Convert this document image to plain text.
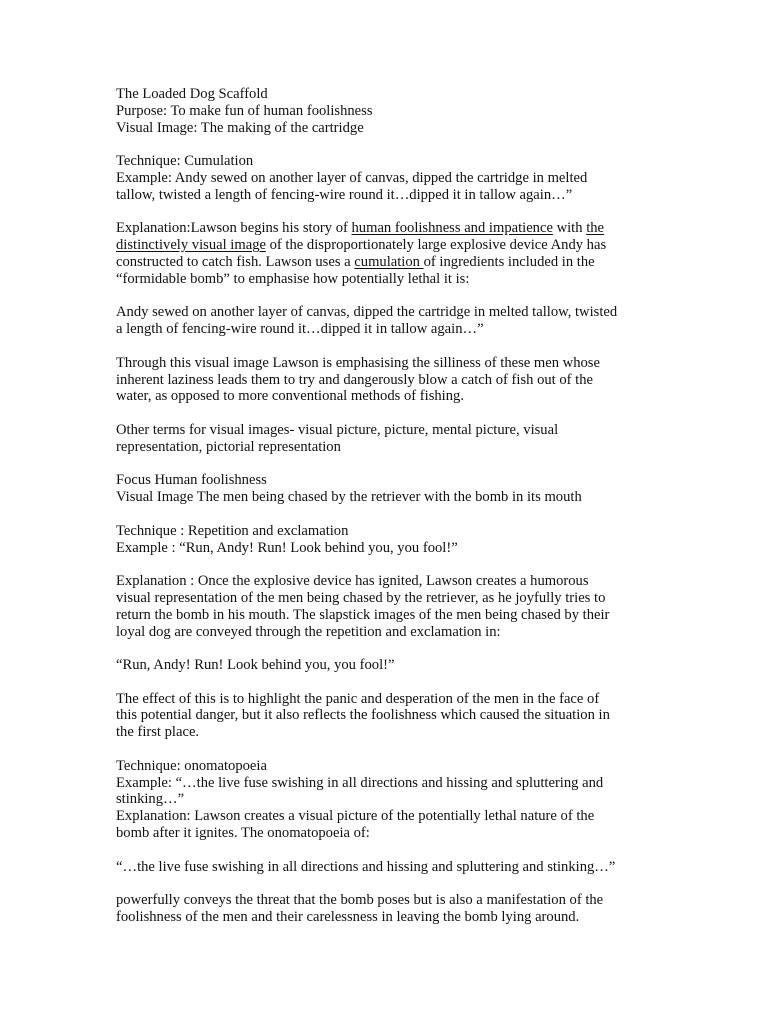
The Loaded Dog Scaffold
Purpose: To make fun of human foolishness
Visual Image: The making of the cartridge
Technique: Cumulation
Example: Andy sewed on another layer of canvas, dipped the cartridge in melted
tallow, twisted a length of fencing-wire round it…dipped it in tallow again…”
Explanation:Lawson begins his story of human foolishness and impatience with the
distinctively visual image of the disproportionately large explosive device Andy has
constructed to catch fish. Lawson uses a cumulation of ingredients included in the
“formidable bomb” to emphasise how potentially lethal it is:
Andy sewed on another layer of canvas, dipped the cartridge in melted tallow, twisted
a length of fencing-wire round it…dipped it in tallow again…”
Through this visual image Lawson is emphasising the silliness of these men whose
inherent laziness leads them to try and dangerously blow a catch of fish out of the
water, as opposed to more conventional methods of fishing.
Other terms for visual images- visual picture, picture, mental picture, visual
representation, pictorial representation
Focus Human foolishness
Visual Image The men being chased by the retriever with the bomb in its mouth
Technique : Repetition and exclamation
Example : “Run, Andy! Run! Look behind you, you fool!”
Explanation : Once the explosive device has ignited, Lawson creates a humorous
visual representation of the men being chased by the retriever, as he joyfully tries to
return the bomb in his mouth. The slapstick images of the men being chased by their
loyal dog are conveyed through the repetition and exclamation in:
“Run, Andy! Run! Look behind you, you fool!”
The effect of this is to highlight the panic and desperation of the men in the face of
this potential danger, but it also reflects the foolishness which caused the situation in
the first place.
Technique: onomatopoeia
Example: “…the live fuse swishing in all directions and hissing and spluttering and
stinking…”
Explanation: Lawson creates a visual picture of the potentially lethal nature of the
bomb after it ignites. The onomatopoeia of:
“…the live fuse swishing in all directions and hissing and spluttering and stinking…”
powerfully conveys the threat that the bomb poses but is also a manifestation of the
foolishness of the men and their carelessness in leaving the bomb lying around.
